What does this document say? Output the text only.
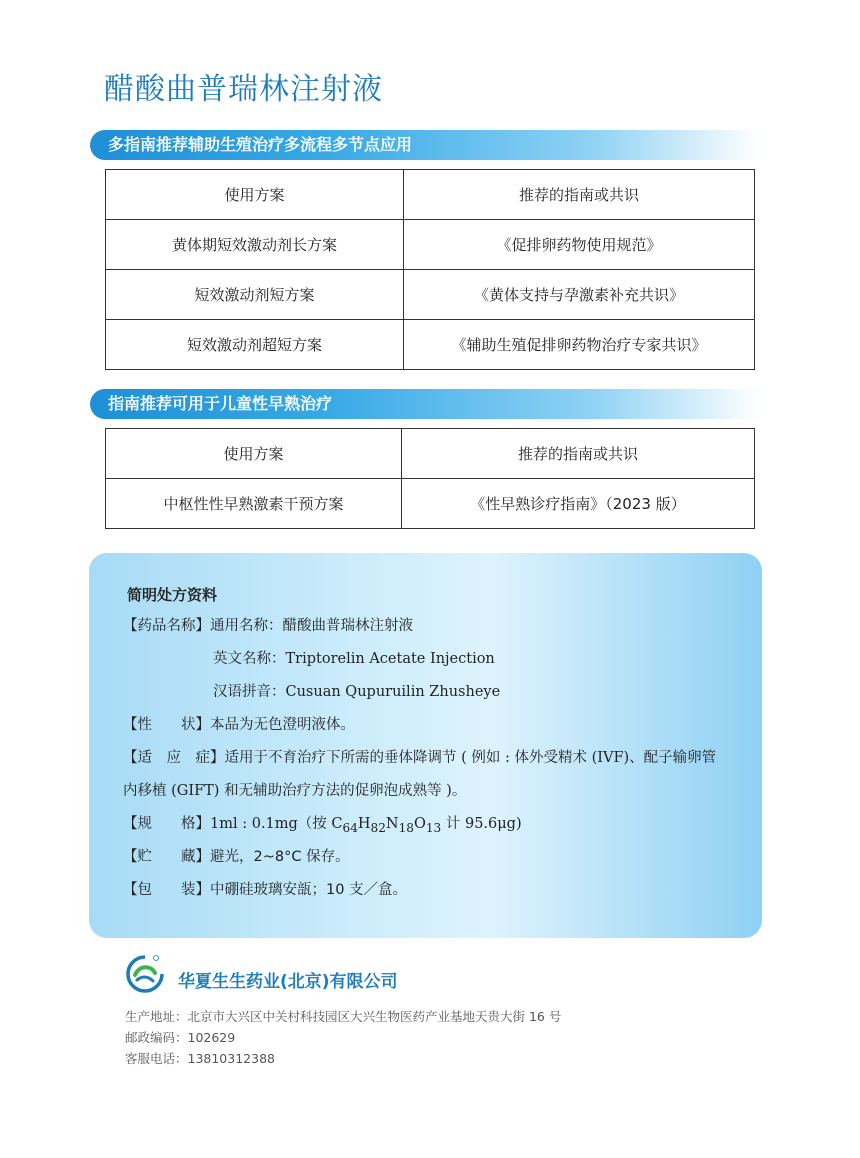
醋酸曲普瑞林注射液
多指南推荐辅助生殖治疗多流程多节点应用
使用方案	推荐的指南或共识
黄体期短效激动剂长方案	《促排卵药物使用规范》
短效激动剂短方案	《黄体支持与孕激素补充共识》
短效激动剂超短方案	《辅助生殖促排卵药物治疗专家共识》
指南推荐可用于儿童性早熟治疗
使用方案	推荐的指南或共识
中枢性性早熟激素干预方案	《性早熟诊疗指南》（2023 版）
简明处方资料
【药品名称】通用名称：醋酸曲普瑞林注射液
英文名称：Triptorelin Acetate Injection
汉语拼音：Cusuan Qupuruilin Zhusheye
【性　　状】本品为无色澄明液体。
【适　应　症】适用于不育治疗下所需的垂体降调节 ( 例如 : 体外受精术 (IVF)、配子输卵管
内移植 (GIFT) 和无辅助治疗方法的促卵泡成熟等 )。
【规　　格】1ml : 0.1mg（按 $C_{64}H_{82}N_{18}O_{13}$ 计 95.6μg)
【贮　　藏】避光，2~8°C 保存。
【包　　装】中硼硅玻璃安瓿；10 支／盒。
华夏生生药业(北京)有限公司
生产地址：北京市大兴区中关村科技园区大兴生物医药产业基地天贵大街 16 号
邮政编码：102629
客服电话：13810312388
